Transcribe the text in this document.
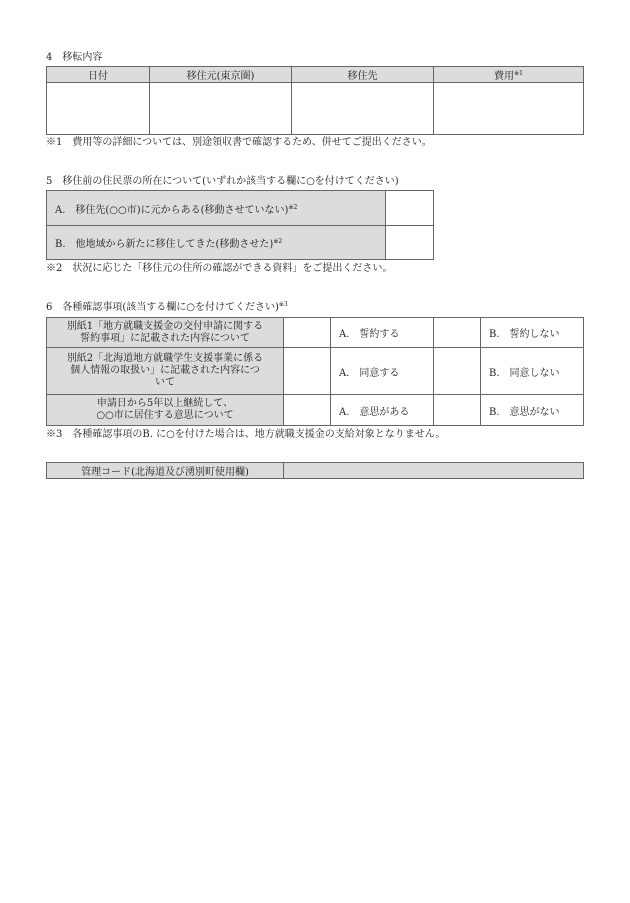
4　移転内容
日付	移住元(東京圏)	移住先	費用$^{※1}$

※1　費用等の詳細については、別途領収書で確認するため、併せてご提出ください。
5　移住前の住民票の所在について(いずれか該当する欄に○を付けてください)
A.　移住先(○○市)に元からある(移動させていない)$^{※2}$	
B.　他地域から新たに移住してきた(移動させた)$^{※2}$	
※2　状況に応じた「移住元の住所の確認ができる資料」をご提出ください。
6　各種確認事項(該当する欄に○を付けてください)$^{※3}$
別紙1「地方就職支援金の交付申請に関する
誓約事項」に記載された内容について		A.　誓約する		B.　誓約しない

別紙2「北海道地方就職学生支援事業に係る
個人情報の取扱い」に記載された内容につ
いて		A.　同意する		B.　同意しない

申請日から5年以上継続して、
○○市に居住する意思について		A.　意思がある		B.　意思がない
※3　各種確認事項のB. に○を付けた場合は、地方就職支援金の支給対象となりません。
管理コード(北海道及び湧別町使用欄)	
